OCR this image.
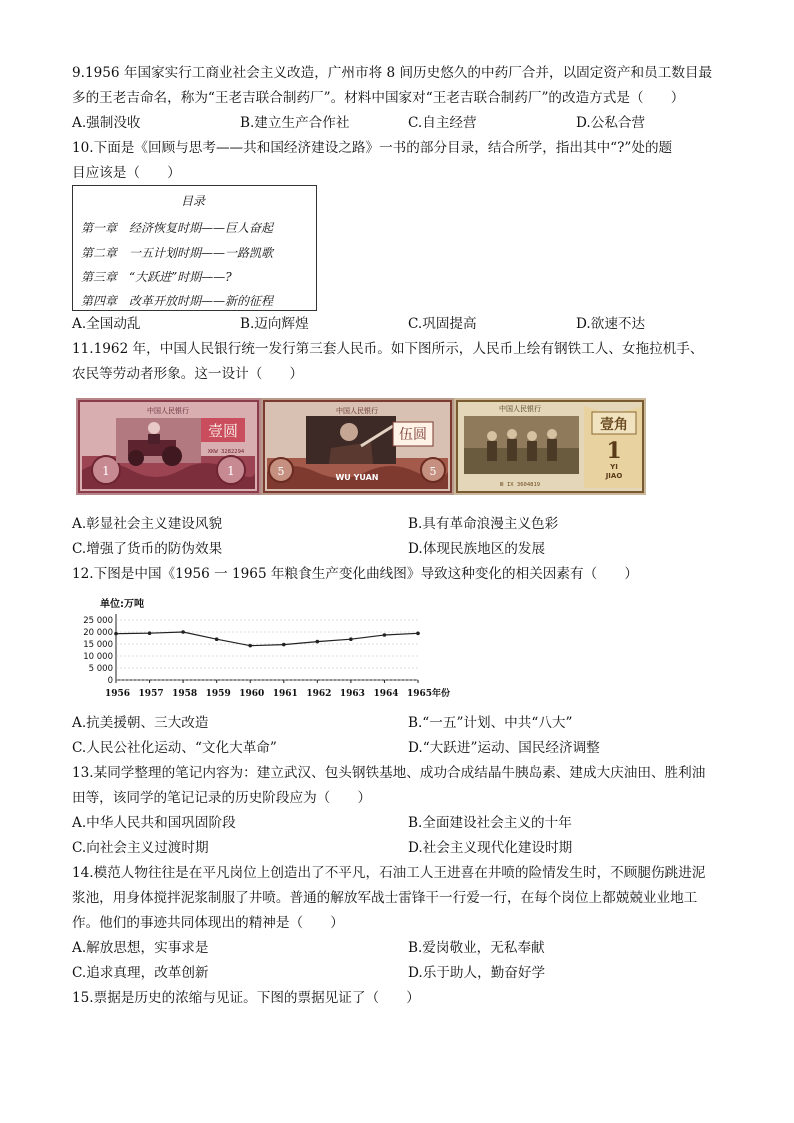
9.1956 年国家实行工商业社会主义改造，广州市将 8 间历史悠久的中药厂合并，以固定资产和员工数目最
多的王老吉命名，称为“王老吉联合制药厂”。材料中国家对“王老吉联合制药厂”的改造方式是（　　）
A.强制没收	B.建立生产合作社	C.自主经营	D.公私合营
10.下面是《回顾与思考——共和国经济建设之路》一书的部分目录，结合所学，指出其中“?”处的题
目应该是（　　）
目录
第一章　经济恢复时期——巨人奋起
第二章　一五计划时期——一路凯歌
第三章　“大跃进”时期——?
第四章　改革开放时期——新的征程
A.全国动乱	B.迈向辉煌	C.巩固提高	D.欲速不达
11.1962 年，中国人民银行统一发行第三套人民币。如下图所示，人民币上绘有钢铁工人、女拖拉机手、
农民等劳动者形象。这一设计（　　）
壹圆
中国人民银行
XKW 3282294
1	1
伍圆
中国人民银行
WU YUAN
5	5
壹角
1
YI
JIAO
中国人民银行
Ⅲ IX 3604819
A.彰显社会主义建设风貌	B.具有革命浪漫主义色彩
C.增强了货币的防伪效果	D.体现民族地区的发展
12.下图是中国《1956 一 1965 年粮食生产变化曲线图》导致这种变化的相关因素有（　　）
单位:万吨
0
5 000
10 000
15 000
20 000
25 000
1956 1957 1958 1959 1960 1961 1962 1963 1964 1965年份
A.抗美援朝、三大改造	B.“一五”计划、中共“八大”
C.人民公社化运动、“文化大革命”	D.“大跃进”运动、国民经济调整
13.某同学整理的笔记内容为：建立武汉、包头钢铁基地、成功合成结晶牛胰岛素、建成大庆油田、胜利油
田等，该同学的笔记记录的历史阶段应为（　　）
A.中华人民共和国巩固阶段	B.全面建设社会主义的十年
C.向社会主义过渡时期	D.社会主义现代化建设时期
14.模范人物往往是在平凡岗位上创造出了不平凡，石油工人王进喜在井喷的险情发生时，不顾腿伤跳进泥
浆池，用身体搅拌泥浆制服了井喷。普通的解放军战士雷锋干一行爱一行，在每个岗位上都兢兢业业地工
作。他们的事迹共同体现出的精神是（　　）
A.解放思想，实事求是	B.爱岗敬业，无私奉献
C.追求真理，改革创新	D.乐于助人，勤奋好学
15.票据是历史的浓缩与见证。下图的票据见证了（　　）
